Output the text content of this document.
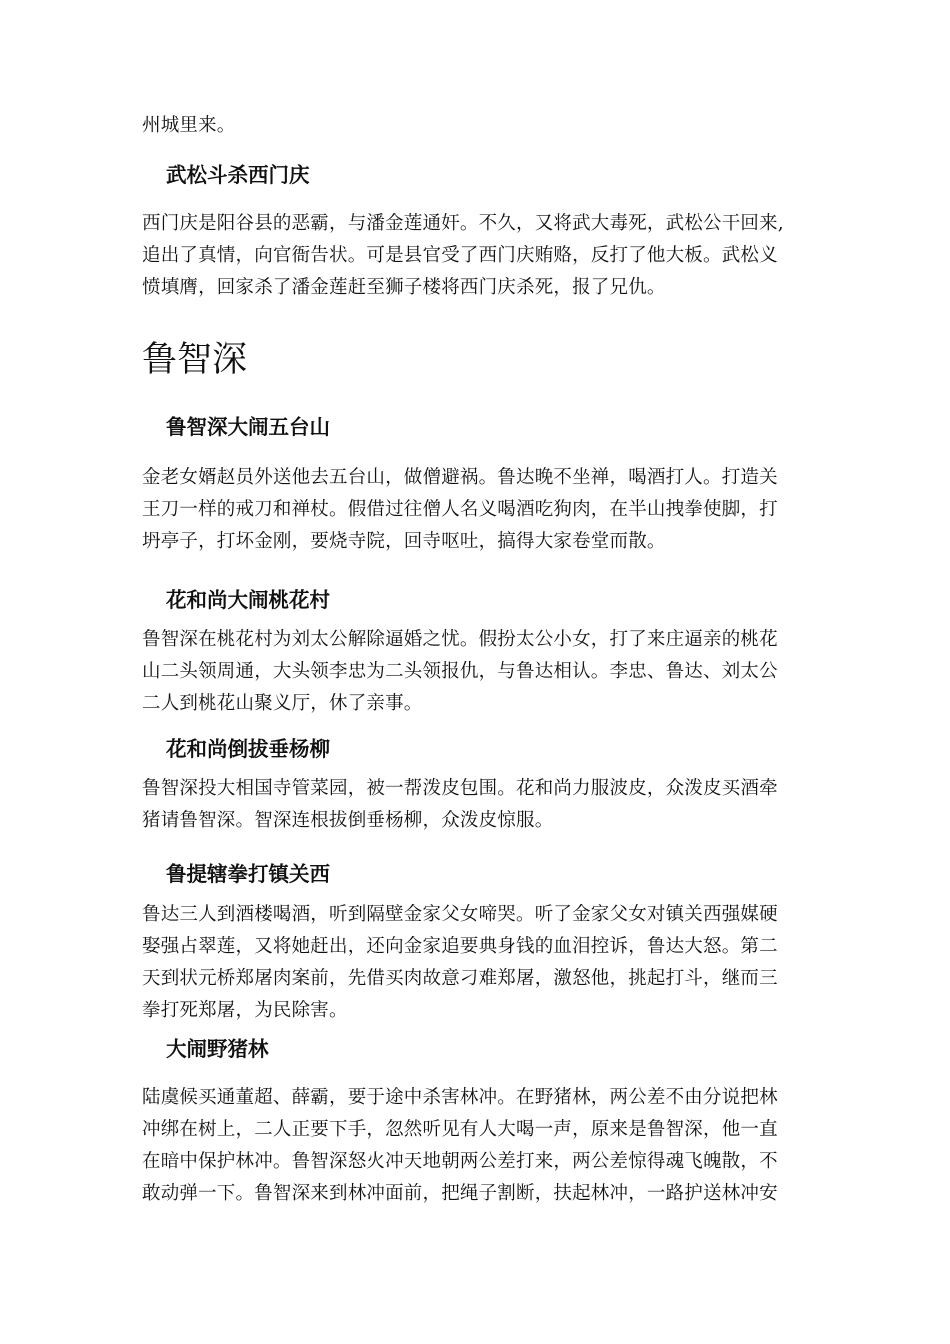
州城里来。

武松斗杀西门庆

西门庆是阳谷县的恶霸，与潘金莲通奸。不久，又将武大毒死，武松公干回来,
追出了真情，向官衙告状。可是县官受了西门庆贿赂，反打了他大板。武松义
愤填膺，回家杀了潘金莲赶至狮子楼将西门庆杀死，报了兄仇。

鲁智深
鲁智深大闹五台山

金老女婿赵员外送他去五台山，做僧避祸。鲁达晚不坐禅，喝酒打人。打造关
王刀一样的戒刀和禅杖。假借过往僧人名义喝酒吃狗肉，在半山拽拳使脚，打
坍亭子，打坏金刚，要烧寺院，回寺呕吐，搞得大家卷堂而散。

花和尚大闹桃花村

鲁智深在桃花村为刘太公解除逼婚之忧。假扮太公小女，打了来庄逼亲的桃花
山二头领周通，大头领李忠为二头领报仇，与鲁达相认。李忠、鲁达、刘太公
二人到桃花山聚义厅，休了亲事。

花和尚倒拔垂杨柳

鲁智深投大相国寺管菜园，被一帮泼皮包围。花和尚力服波皮，众泼皮买酒牵
猪请鲁智深。智深连根拔倒垂杨柳，众泼皮惊服。

鲁提辖拳打镇关西

鲁达三人到酒楼喝酒，听到隔壁金家父女啼哭。听了金家父女对镇关西强媒硬
娶强占翠莲，又将她赶出，还向金家追要典身钱的血泪控诉，鲁达大怒。第二
天到状元桥郑屠肉案前，先借买肉故意刁难郑屠，激怒他，挑起打斗，继而三
拳打死郑屠，为民除害。

大闹野猪林

陆虞候买通董超、薛霸，要于途中杀害林冲。在野猪林，两公差不由分说把林
冲绑在树上，二人正要下手，忽然听见有人大喝一声，原来是鲁智深，他一直
在暗中保护林冲。鲁智深怒火冲天地朝两公差打来，两公差惊得魂飞魄散，不
敢动弹一下。鲁智深来到林冲面前，把绳子割断，扶起林冲，一路护送林冲安
